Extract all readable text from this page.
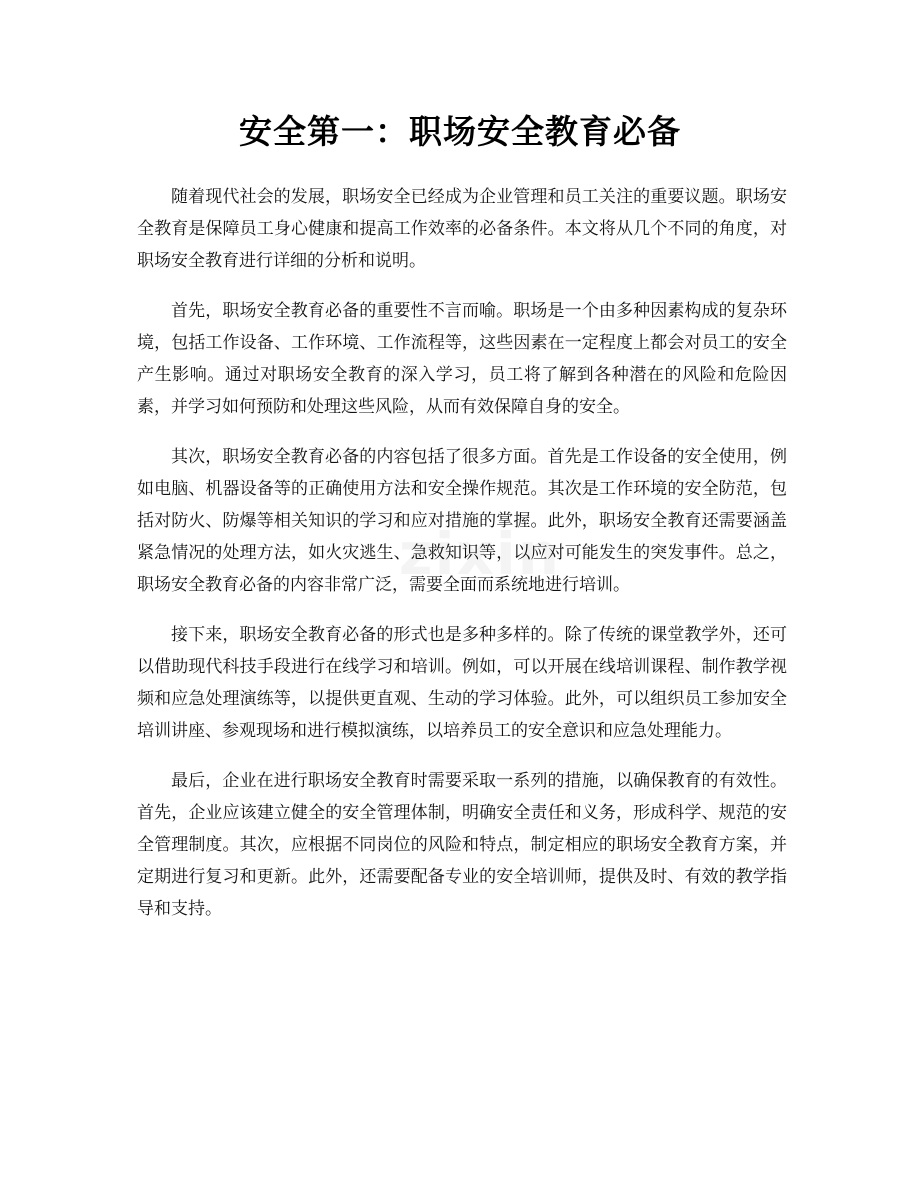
安全第一：职场安全教育必备
zixin

随着现代社会的发展，职场安全已经成为企业管理和员工关注的重要议题。职场安全教育是保障员工身心健康和提高工作效率的必备条件。本文将从几个不同的角度，对职场安全教育进行详细的分析和说明。

首先，职场安全教育必备的重要性不言而喻。职场是一个由多种因素构成的复杂环境，包括工作设备、工作环境、工作流程等，这些因素在一定程度上都会对员工的安全产生影响。通过对职场安全教育的深入学习，员工将了解到各种潜在的风险和危险因素，并学习如何预防和处理这些风险，从而有效保障自身的安全。

其次，职场安全教育必备的内容包括了很多方面。首先是工作设备的安全使用，例如电脑、机器设备等的正确使用方法和安全操作规范。其次是工作环境的安全防范，包括对防火、防爆等相关知识的学习和应对措施的掌握。此外，职场安全教育还需要涵盖紧急情况的处理方法，如火灾逃生、急救知识等，以应对可能发生的突发事件。总之，职场安全教育必备的内容非常广泛，需要全面而系统地进行培训。

接下来，职场安全教育必备的形式也是多种多样的。除了传统的课堂教学外，还可以借助现代科技手段进行在线学习和培训。例如，可以开展在线培训课程、制作教学视频和应急处理演练等，以提供更直观、生动的学习体验。此外，可以组织员工参加安全培训讲座、参观现场和进行模拟演练，以培养员工的安全意识和应急处理能力。

最后，企业在进行职场安全教育时需要采取一系列的措施，以确保教育的有效性。首先，企业应该建立健全的安全管理体制，明确安全责任和义务，形成科学、规范的安全管理制度。其次，应根据不同岗位的风险和特点，制定相应的职场安全教育方案，并定期进行复习和更新。此外，还需要配备专业的安全培训师，提供及时、有效的教学指导和支持。
